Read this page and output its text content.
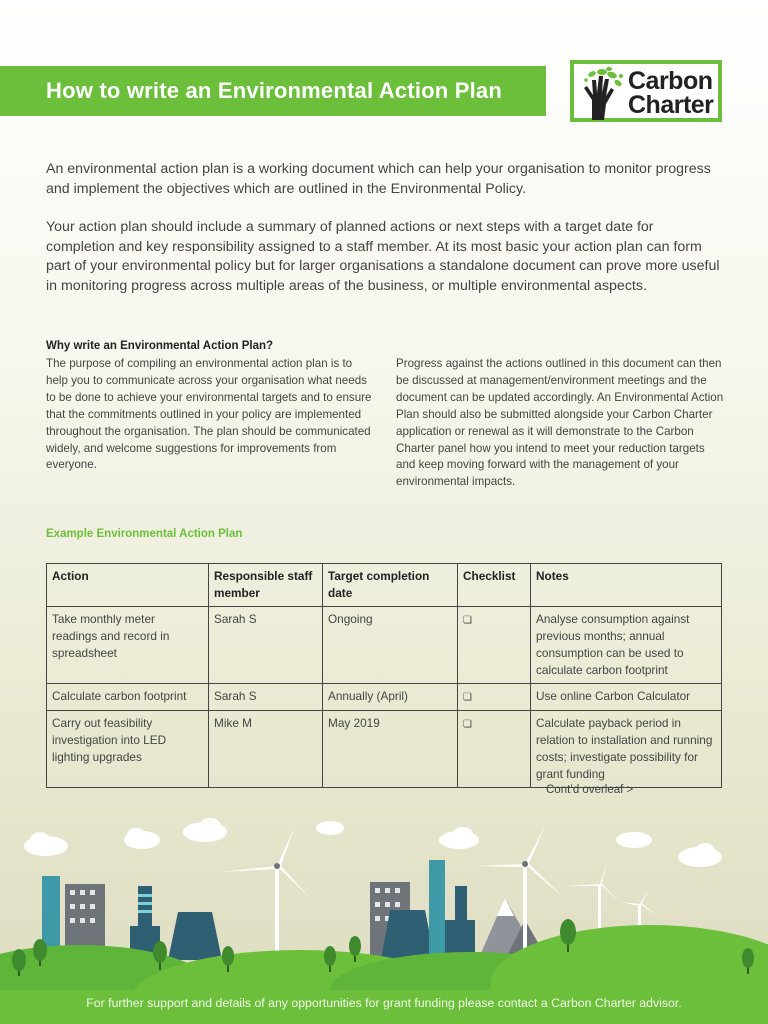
How to write an Environmental Action Plan	Carbon
Charter

An environmental action plan is a working document which can help your organisation to monitor progress and implement the objectives which are outlined in the Environmental Policy.

Your action plan should include a summary of planned actions or next steps with a target date for completion and key responsibility assigned to a staff member. At its most basic your action plan can form part of your environmental policy but for larger organisations a standalone document can prove more useful in monitoring progress across multiple areas of the business, or multiple environmental aspects.

Why write an Environmental Action Plan?

The purpose of compiling an environmental action plan is to help you to communicate across your organisation what needs to be done to achieve your environmental targets and to ensure that the commitments outlined in your policy are implemented throughout the organisation. The plan should be communicated widely, and welcome suggestions for improvements from everyone.

Progress against the actions outlined in this document can then be discussed at management/environment meetings and the document can be updated accordingly. An Environmental Action Plan should also be submitted alongside your Carbon Charter application or renewal as it will demonstrate to the Carbon Charter panel how you intend to meet your reduction targets and keep moving forward with the management of your environmental impacts.

Example Environmental Action Plan
Action	Responsible staff member	Target completion date	Checklist	Notes
Take monthly meter readings and record in spreadsheet	Sarah S	Ongoing	❏	Analyse consumption against previous months; annual consumption can be used to calculate carbon footprint
Calculate carbon footprint	Sarah S	Annually (April)	❏	Use online Carbon Calculator
Carry out feasibility investigation into LED lighting upgrades	Mike M	May 2019	❏	Calculate payback period in relation to installation and running costs; investigate possibility for grant funding
Cont’d overleaf >
For further support and details of any opportunities for grant funding please contact a Carbon Charter advisor.
